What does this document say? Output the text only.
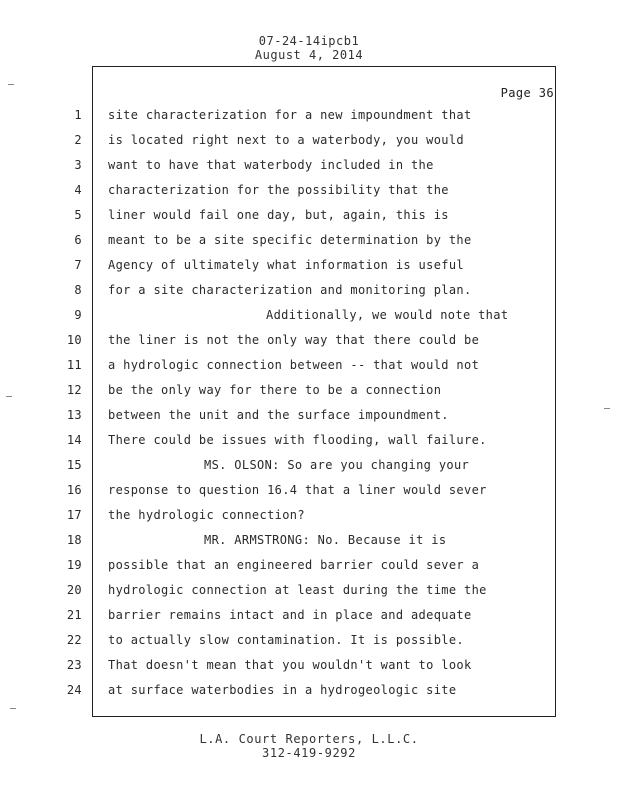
07-24-14ipcb1
August 4, 2014
Page 36
1 site characterization for a new impoundment that
2 is located right next to a waterbody, you would
3 want to have that waterbody included in the
4 characterization for the possibility that the
5 liner would fail one day, but, again, this is
6 meant to be a site specific determination by the
7 Agency of ultimately what information is useful
8 for a site characterization and monitoring plan.
9	Additionally, we would note that
10 the liner is not the only way that there could be
11 a hydrologic connection between -- that would not
12 be the only way for there to be a connection
13 between the unit and the surface impoundment.
14 There could be issues with flooding, wall failure.
15	MS. OLSON: So are you changing your
16 response to question 16.4 that a liner would sever
17 the hydrologic connection?
18	MR. ARMSTRONG: No. Because it is
19 possible that an engineered barrier could sever a
20 hydrologic connection at least during the time the
21 barrier remains intact and in place and adequate
22 to actually slow contamination. It is possible.
23 That doesn't mean that you wouldn't want to look
24 at surface waterbodies in a hydrogeologic site
L.A. Court Reporters, L.L.C.
312-419-9292
